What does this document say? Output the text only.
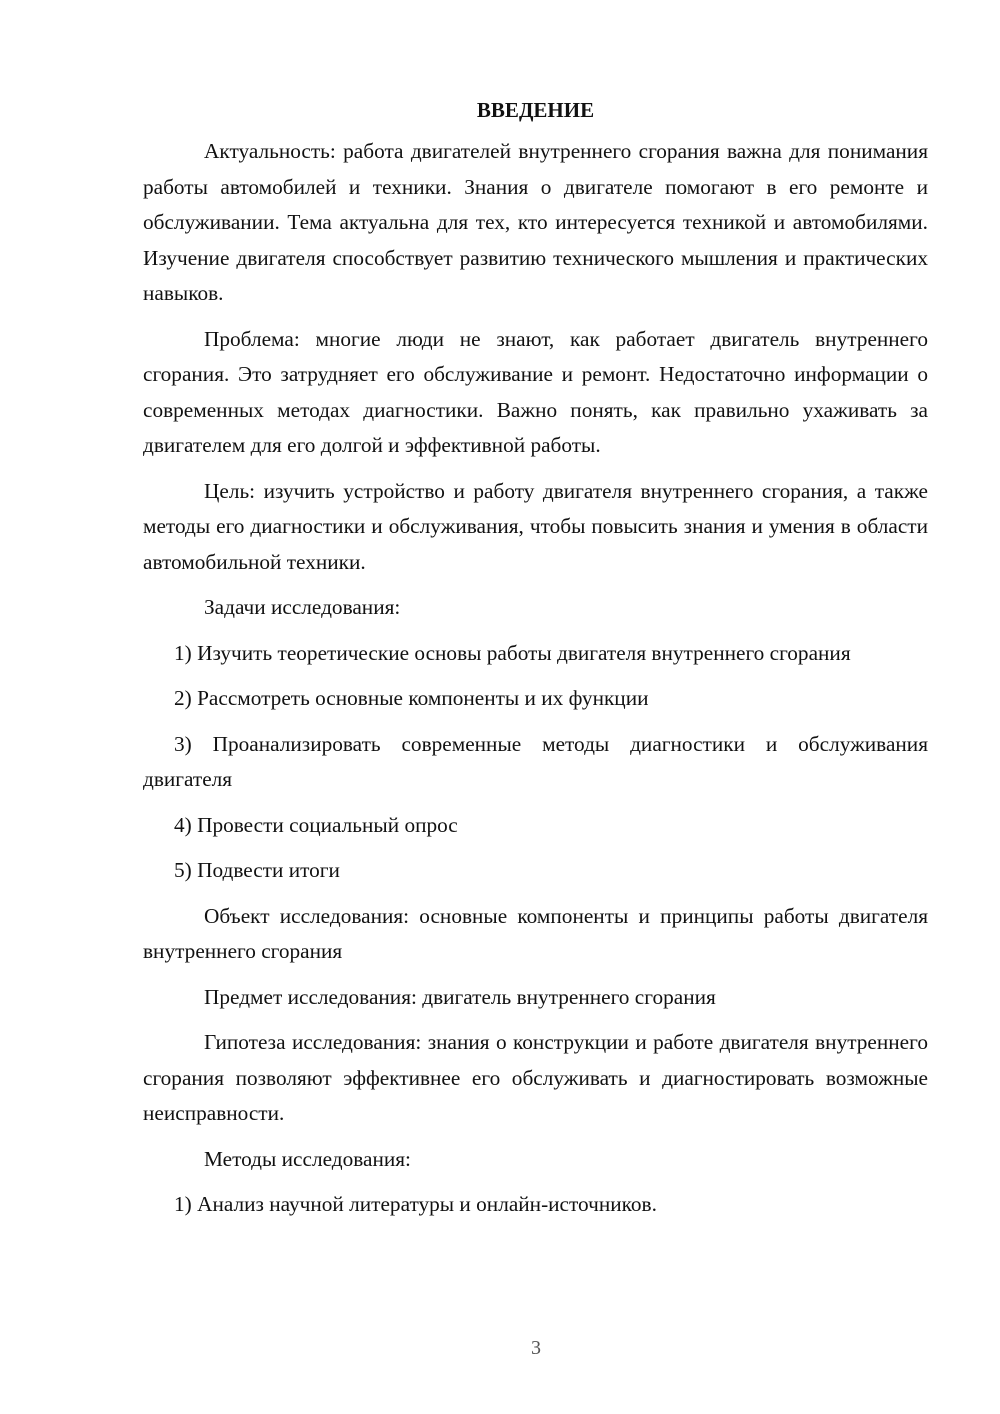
ВВЕДЕНИЕ

Актуальность: работа двигателей внутреннего сгорания важна для понимания работы автомобилей и техники. Знания о двигателе помогают в его ремонте и обслуживании. Тема актуальна для тех, кто интересуется техникой и автомобилями. Изучение двигателя способствует развитию технического мышления и практических навыков.

Проблема: многие люди не знают, как работает двигатель внутреннего сгорания. Это затрудняет его обслуживание и ремонт. Недостаточно информации о современных методах диагностики. Важно понять, как правильно ухаживать за двигателем для его долгой и эффективной работы.

Цель: изучить устройство и работу двигателя внутреннего сгорания, а также методы его диагностики и обслуживания, чтобы повысить знания и умения в области автомобильной техники.

Задачи исследования:

1) Изучить теоретические основы работы двигателя внутреннего сгорания

2) Рассмотреть основные компоненты и их функции

3) Проанализировать современные методы диагностики и обслуживания двигателя

4) Провести социальный опрос

5) Подвести итоги

Объект исследования: основные компоненты и принципы работы двигателя внутреннего сгорания

Предмет исследования: двигатель внутреннего сгорания

Гипотеза исследования: знания о конструкции и работе двигателя внутреннего сгорания позволяют эффективнее его обслуживать и диагностировать возможные неисправности.

Методы исследования:

1) Анализ научной литературы и онлайн-источников.

3
